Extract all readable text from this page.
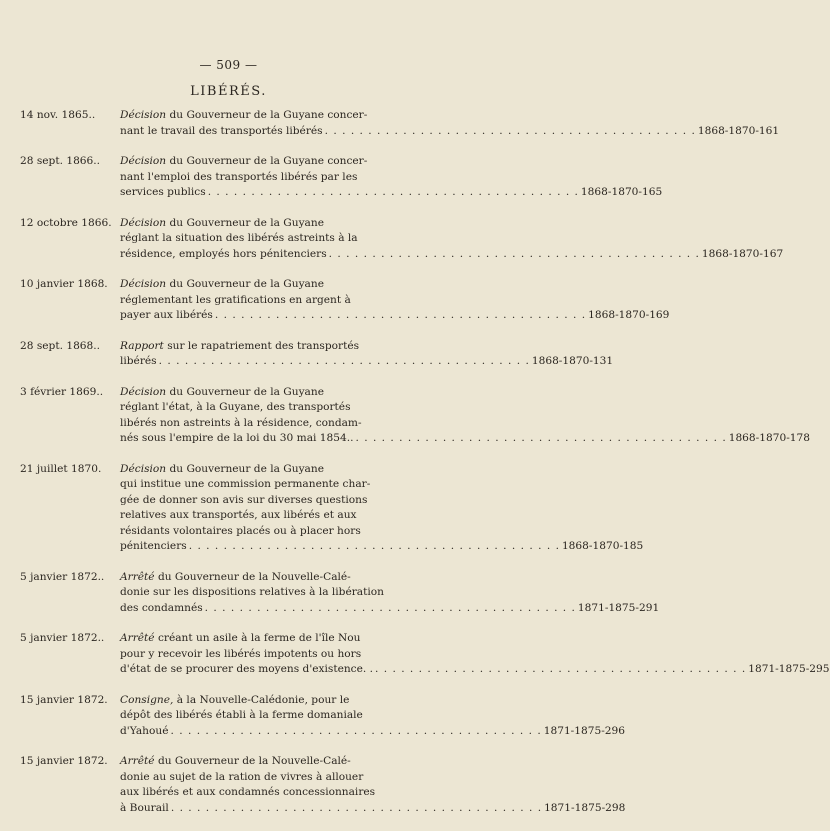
— 509 —
LIBÉRÉS.
14 nov. 1865..	Décision du Gouverneur de la Guyane concer-
nant le travail des transportés libérés . . . . . . . . . . . . . . . . . . . . . . . . . . . . . . . . . . . . . . . . . . . 1868-1870-161
28 sept. 1866..	Décision du Gouverneur de la Guyane concer-
nant l'emploi des transportés libérés par les
services publics . . . . . . . . . . . . . . . . . . . . . . . . . . . . . . . . . . . . . . . . . . . 1868-1870-165
12 octobre 1866. Décision du Gouverneur de la Guyane
réglant la situation des libérés astreints à la
résidence, employés hors pénitenciers . . . . . . . . . . . . . . . . . . . . . . . . . . . . . . . . . . . . . . . . . . . 1868-1870-167
10 janvier 1868.	Décision du Gouverneur de la Guyane
réglementant les gratifications en argent à
payer aux libérés . . . . . . . . . . . . . . . . . . . . . . . . . . . . . . . . . . . . . . . . . . . 1868-1870-169
28 sept. 1868..	Rapport sur le rapatriement des transportés
libérés . . . . . . . . . . . . . . . . . . . . . . . . . . . . . . . . . . . . . . . . . . . 1868-1870-131
3 février 1869..	Décision du Gouverneur de la Guyane
réglant l'état, à la Guyane, des transportés
libérés non astreints à la résidence, condam-
nés sous l'empire de la loi du 30 mai 1854.. . . . . . . . . . . . . . . . . . . . . . . . . . . . . . . . . . . . . . . . . . . . 1868-1870-178
21 juillet 1870.	Décision du Gouverneur de la Guyane
qui institue une commission permanente char-
gée de donner son avis sur diverses questions
relatives aux transportés, aux libérés et aux
résidants volontaires placés ou à placer hors
pénitenciers . . . . . . . . . . . . . . . . . . . . . . . . . . . . . . . . . . . . . . . . . . . 1868-1870-185
5 janvier 1872..	Arrêté du Gouverneur de la Nouvelle-Calé-
donie sur les dispositions relatives à la libération
des condamnés . . . . . . . . . . . . . . . . . . . . . . . . . . . . . . . . . . . . . . . . . . . 1871-1875-291
5 janvier 1872..	Arrêté créant un asile à la ferme de l'île Nou
pour y recevoir les libérés impotents ou hors
d'état de se procurer des moyens d'existence. . . . . . . . . . . . . . . . . . . . . . . . . . . . . . . . . . . . . . . . . . . . . 1871-1875-295
15 janvier 1872.	Consigne, à la Nouvelle-Calédonie, pour le
dépôt des libérés établi à la ferme domaniale
d'Yahoué . . . . . . . . . . . . . . . . . . . . . . . . . . . . . . . . . . . . . . . . . . . 1871-1875-296
15 janvier 1872.	Arrêté du Gouverneur de la Nouvelle-Calé-
donie au sujet de la ration de vivres à allouer
aux libérés et aux condamnés concessionnaires
à Bourail . . . . . . . . . . . . . . . . . . . . . . . . . . . . . . . . . . . . . . . . . . . 1871-1875-298
